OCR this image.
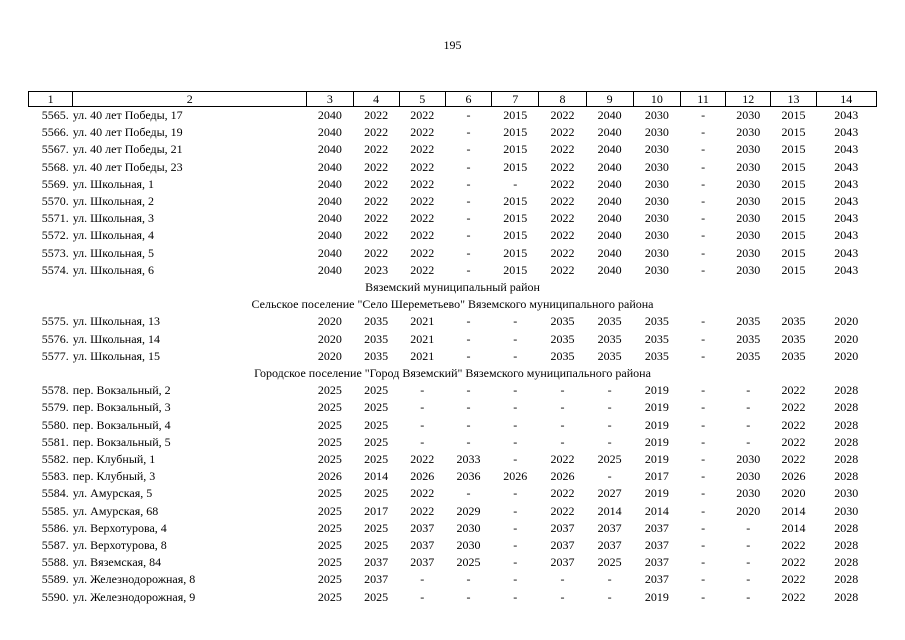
195
1	2	3	4	5	6	7	8	9	10	11	12	13	14
5565.	ул. 40 лет Победы, 17	2040	2022	2022	-	2015	2022	2040	2030	-	2030	2015	2043
5566.	ул. 40 лет Победы, 19	2040	2022	2022	-	2015	2022	2040	2030	-	2030	2015	2043
5567.	ул. 40 лет Победы, 21	2040	2022	2022	-	2015	2022	2040	2030	-	2030	2015	2043
5568.	ул. 40 лет Победы, 23	2040	2022	2022	-	2015	2022	2040	2030	-	2030	2015	2043
5569.	ул. Школьная, 1	2040	2022	2022	-	-	2022	2040	2030	-	2030	2015	2043
5570.	ул. Школьная, 2	2040	2022	2022	-	2015	2022	2040	2030	-	2030	2015	2043
5571.	ул. Школьная, 3	2040	2022	2022	-	2015	2022	2040	2030	-	2030	2015	2043
5572.	ул. Школьная, 4	2040	2022	2022	-	2015	2022	2040	2030	-	2030	2015	2043
5573.	ул. Школьная, 5	2040	2022	2022	-	2015	2022	2040	2030	-	2030	2015	2043
5574.	ул. Школьная, 6	2040	2023	2022	-	2015	2022	2040	2030	-	2030	2015	2043
Вяземский муниципальный район													
Сельское поселение "Село Шереметьево" Вяземского муниципального района													
5575.	ул. Школьная, 13	2020	2035	2021	-	-	2035	2035	2035	-	2035	2035	2020
5576.	ул. Школьная, 14	2020	2035	2021	-	-	2035	2035	2035	-	2035	2035	2020
5577.	ул. Школьная, 15	2020	2035	2021	-	-	2035	2035	2035	-	2035	2035	2020
Городское поселение "Город Вяземский" Вяземского муниципального района													
5578.	пер. Вокзальный, 2	2025	2025	-	-	-	-	-	2019	-	-	2022	2028
5579.	пер. Вокзальный, 3	2025	2025	-	-	-	-	-	2019	-	-	2022	2028
5580.	пер. Вокзальный, 4	2025	2025	-	-	-	-	-	2019	-	-	2022	2028
5581.	пер. Вокзальный, 5	2025	2025	-	-	-	-	-	2019	-	-	2022	2028
5582.	пер. Клубный, 1	2025	2025	2022	2033	-	2022	2025	2019	-	2030	2022	2028
5583.	пер. Клубный, 3	2026	2014	2026	2036	2026	2026	-	2017	-	2030	2026	2028
5584.	ул. Амурская, 5	2025	2025	2022	-	-	2022	2027	2019	-	2030	2020	2030
5585.	ул. Амурская, 68	2025	2017	2022	2029	-	2022	2014	2014	-	2020	2014	2030
5586.	ул. Верхотурова, 4	2025	2025	2037	2030	-	2037	2037	2037	-	-	2014	2028
5587.	ул. Верхотурова, 8	2025	2025	2037	2030	-	2037	2037	2037	-	-	2022	2028
5588.	ул. Вяземская, 84	2025	2037	2037	2025	-	2037	2025	2037	-	-	2022	2028
5589.	ул. Железнодорожная, 8	2025	2037	-	-	-	-	-	2037	-	-	2022	2028
5590.	ул. Железнодорожная, 9	2025	2025	-	-	-	-	-	2019	-	-	2022	2028
